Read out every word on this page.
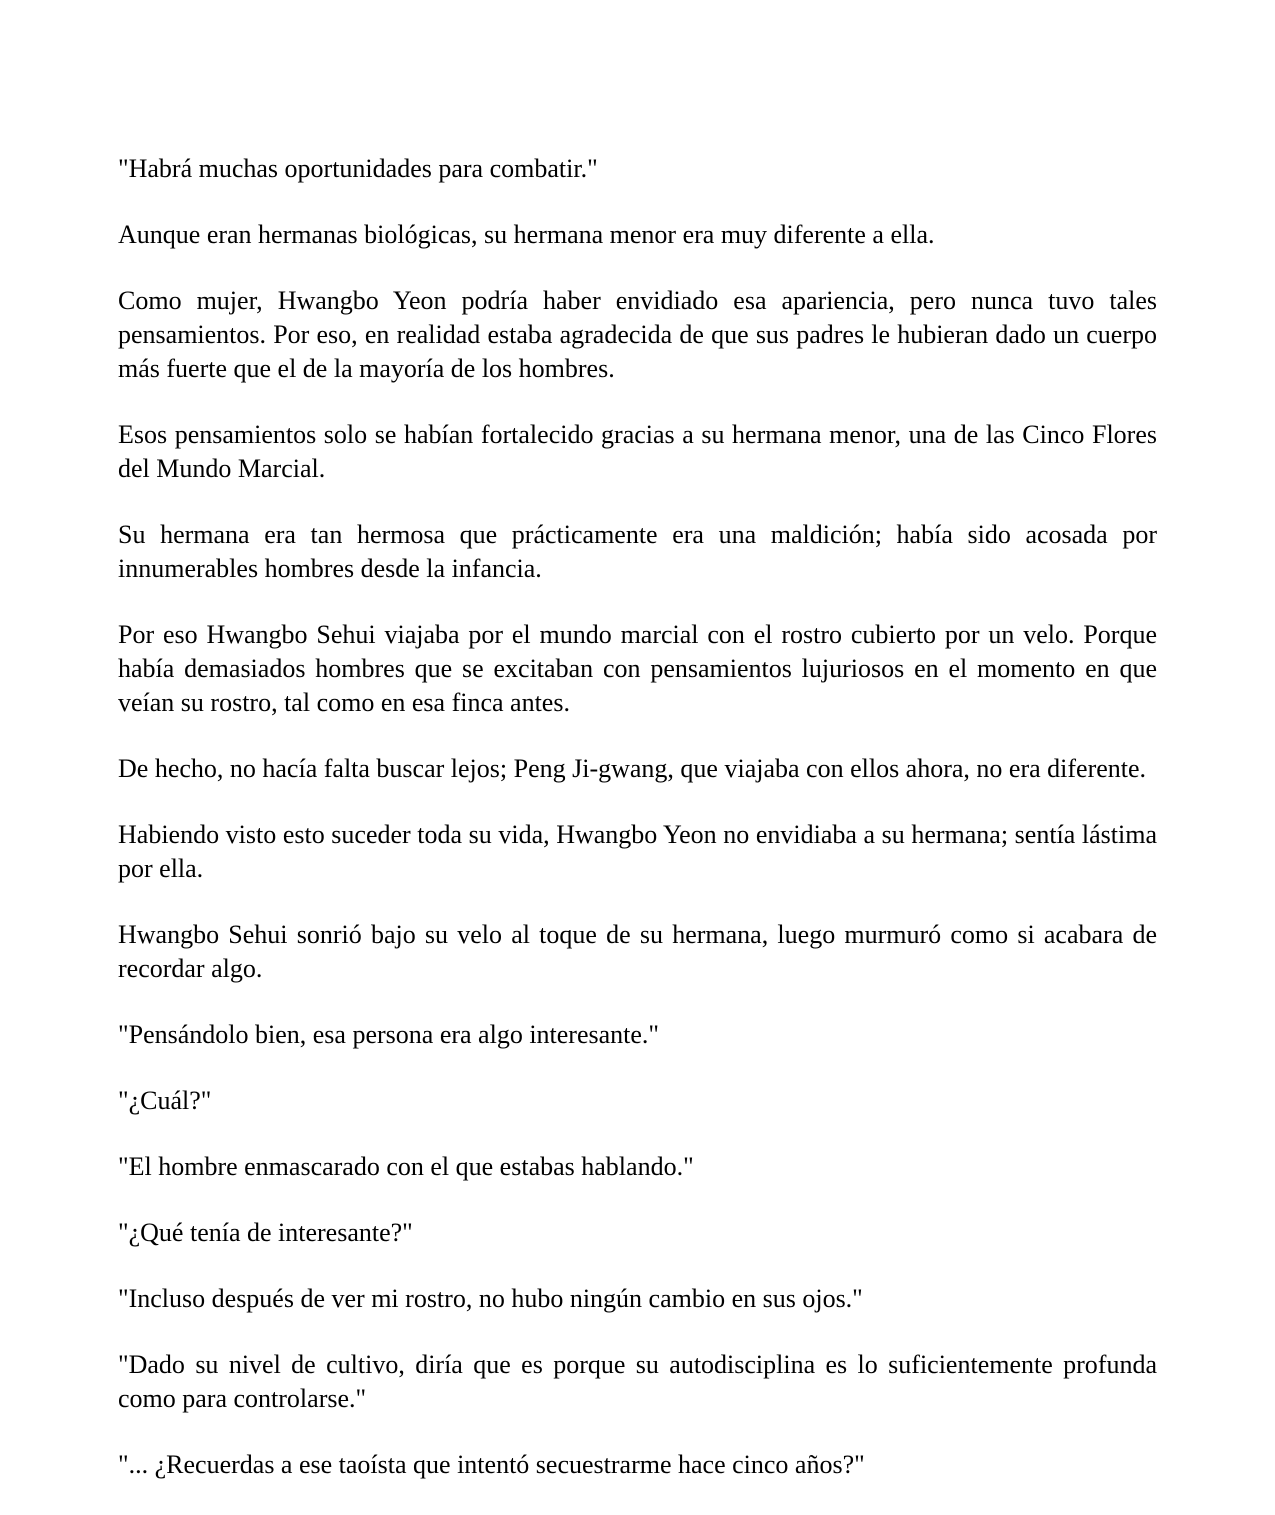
"Habrá muchas oportunidades para combatir."

Aunque eran hermanas biológicas, su hermana menor era muy diferente a ella.

Como mujer, Hwangbo Yeon podría haber envidiado esa apariencia, pero nunca tuvo tales pensamientos. Por eso, en realidad estaba agradecida de que sus padres le hubieran dado un cuerpo más fuerte que el de la mayoría de los hombres.

Esos pensamientos solo se habían fortalecido gracias a su hermana menor, una de las Cinco Flores del Mundo Marcial.

Su hermana era tan hermosa que prácticamente era una maldición; había sido acosada por innumerables hombres desde la infancia.

Por eso Hwangbo Sehui viajaba por el mundo marcial con el rostro cubierto por un velo. Porque había demasiados hombres que se excitaban con pensamientos lujuriosos en el momento en que veían su rostro, tal como en esa finca antes.

De hecho, no hacía falta buscar lejos; Peng Ji-gwang, que viajaba con ellos ahora, no era diferente.

Habiendo visto esto suceder toda su vida, Hwangbo Yeon no envidiaba a su hermana; sentía lástima por ella.

Hwangbo Sehui sonrió bajo su velo al toque de su hermana, luego murmuró como si acabara de recordar algo.

"Pensándolo bien, esa persona era algo interesante."

"¿Cuál?"

"El hombre enmascarado con el que estabas hablando."

"¿Qué tenía de interesante?"

"Incluso después de ver mi rostro, no hubo ningún cambio en sus ojos."

"Dado su nivel de cultivo, diría que es porque su autodisciplina es lo suficientemente profunda como para controlarse."

"... ¿Recuerdas a ese taoísta que intentó secuestrarme hace cinco años?"
